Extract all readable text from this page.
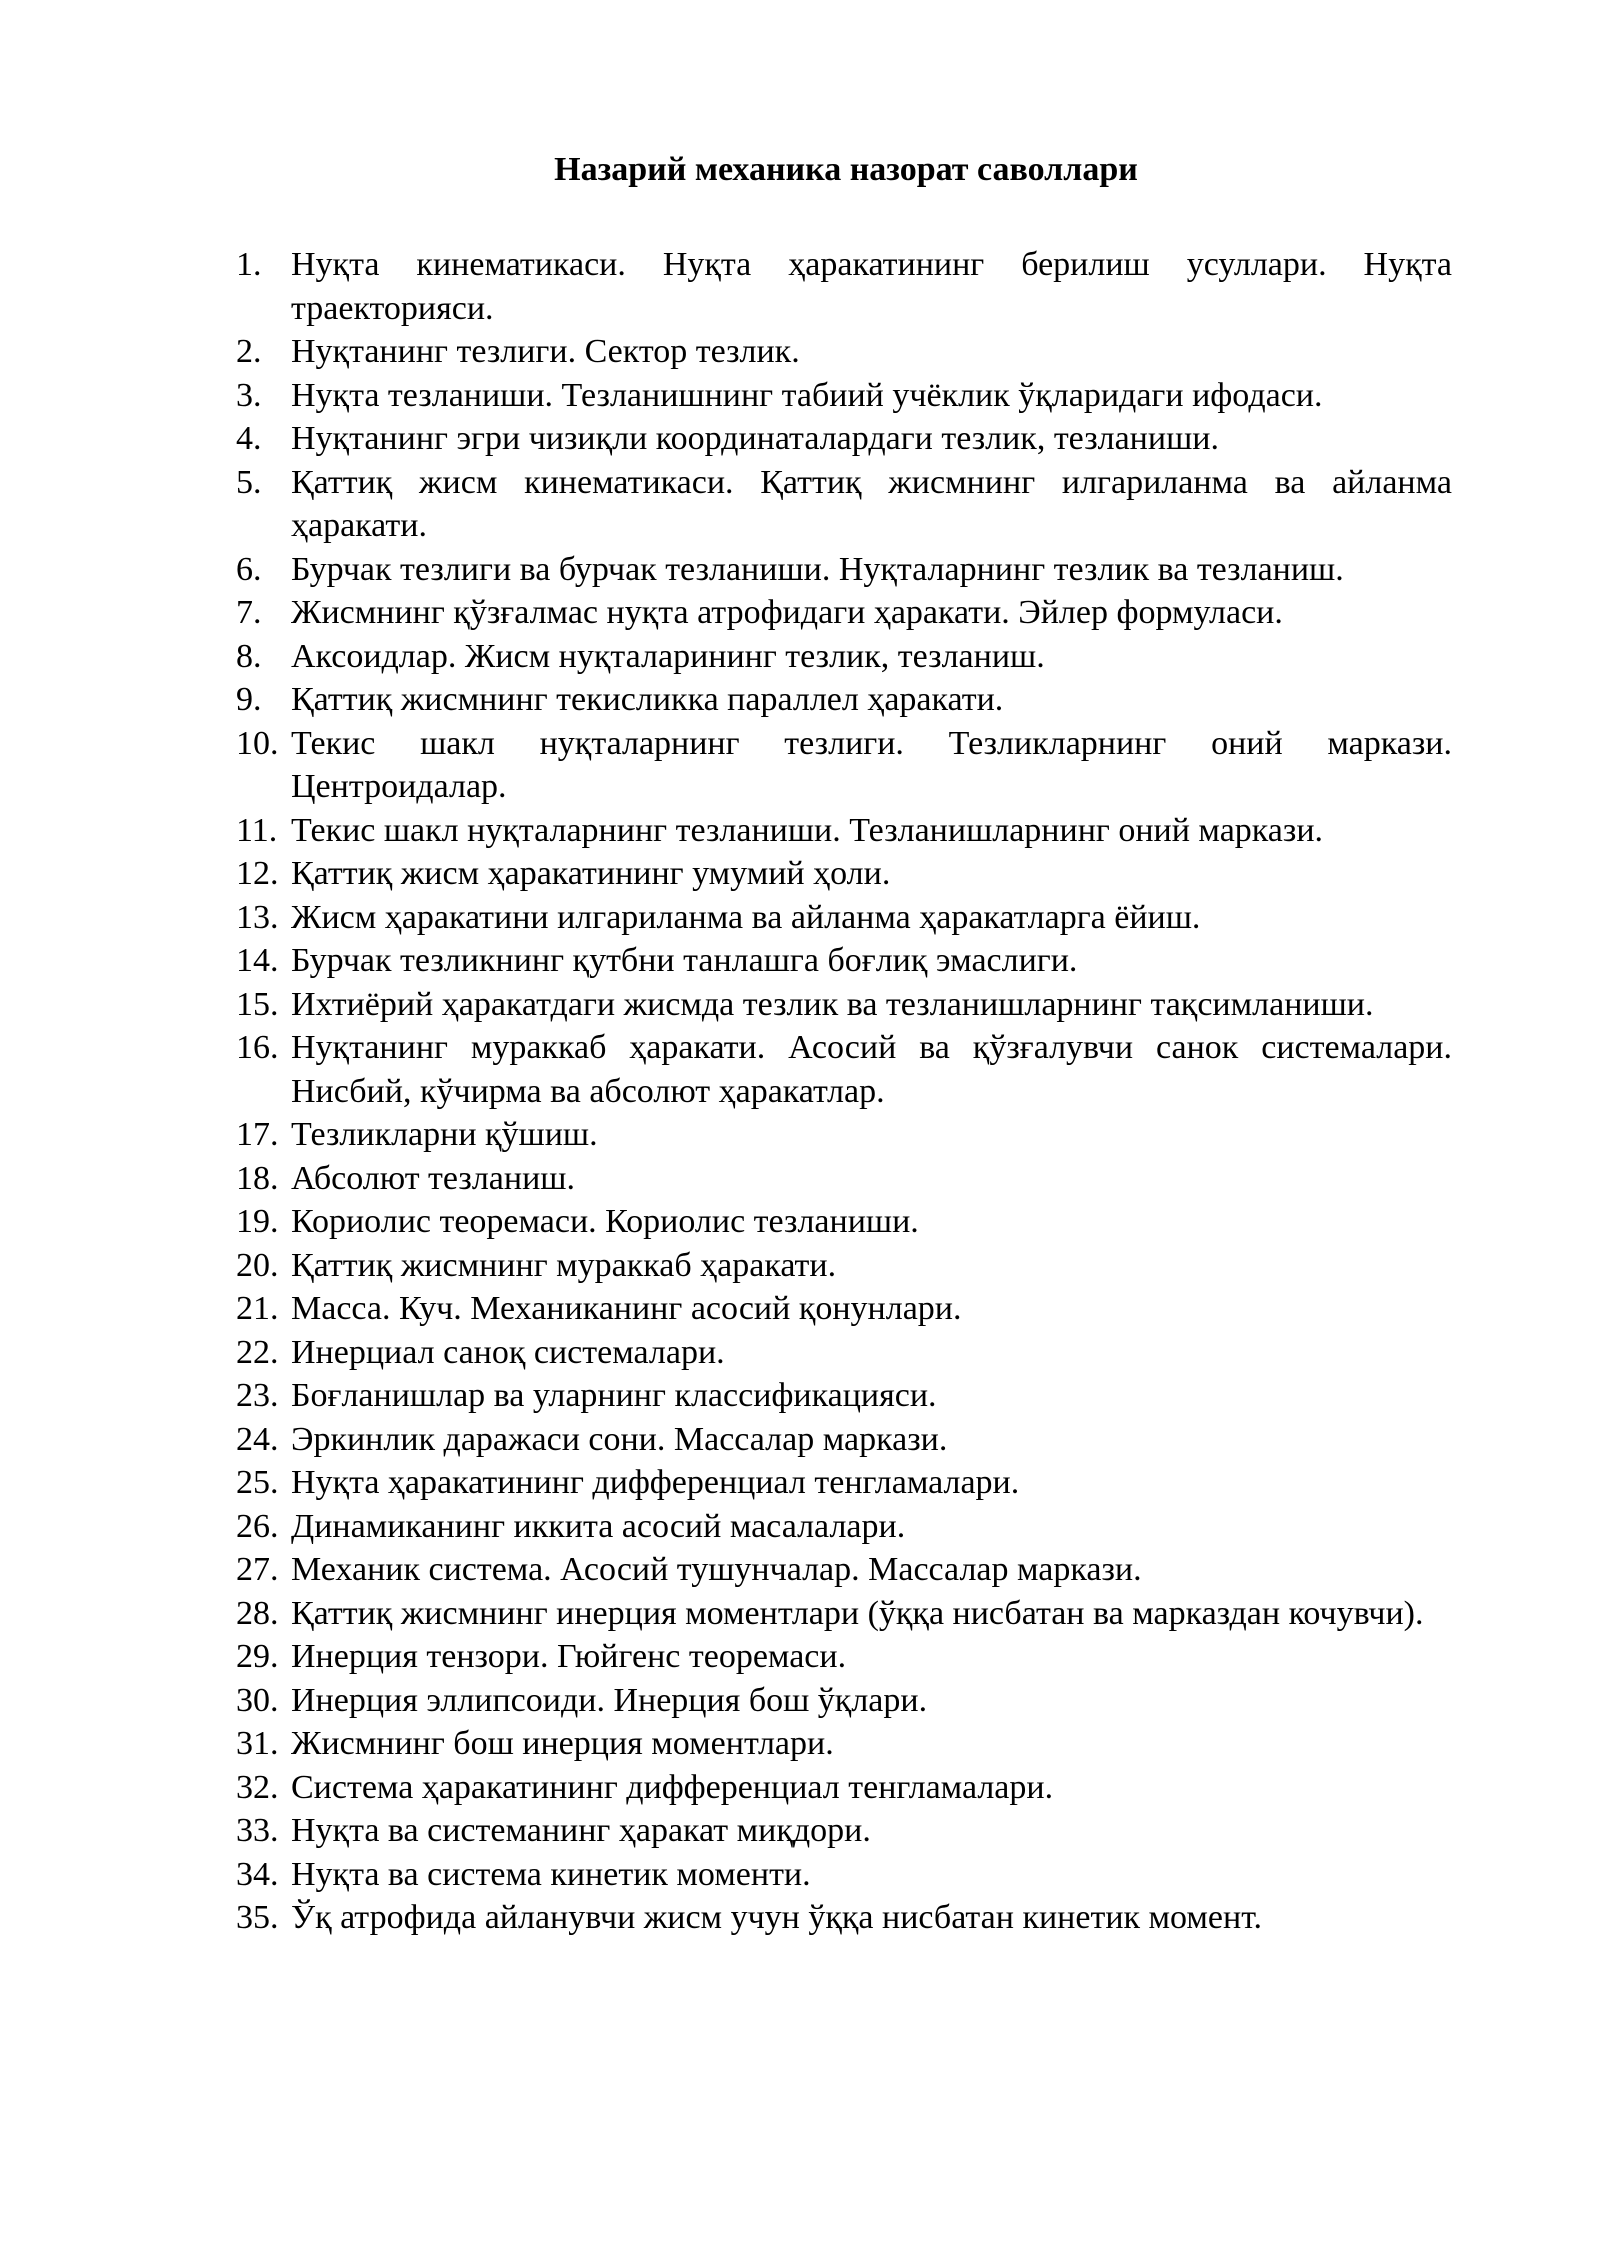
Назарий механика назорат саволлари
1. Нуқта кинематикаси. Нуқта ҳаракатининг берилиш усуллари. Нуқта траекторияси.
2. Нуқтанинг тезлиги. Сектор тезлик.
3. Нуқта тезланиши. Тезланишнинг табиий учёклик ўқларидаги ифодаси.
4. Нуқтанинг эгри чизиқли координаталардаги тезлик, тезланиши.
5. Қаттиқ жисм кинематикаси. Қаттиқ жисмнинг илгариланма ва айланма ҳаракати.
6. Бурчак тезлиги ва бурчак тезланиши. Нуқталарнинг тезлик ва тезланиш.
7. Жисмнинг қўзғалмас нуқта атрофидаги ҳаракати. Эйлер формуласи.
8. Аксоидлар. Жисм нуқталарининг тезлик, тезланиш.
9. Қаттиқ жисмнинг текисликка параллел ҳаракати.
10. Текис шакл нуқталарнинг тезлиги. Тезликларнинг оний маркази. Центроидалар.
11. Текис шакл нуқталарнинг тезланиши. Тезланишларнинг оний маркази.
12. Қаттиқ жисм ҳаракатининг умумий ҳоли.
13. Жисм ҳаракатини илгариланма ва айланма ҳаракатларга ёйиш.
14. Бурчак тезликнинг қутбни танлашга боғлиқ эмаслиги.
15. Ихтиёрий ҳаракатдаги жисмда тезлик ва тезланишларнинг тақсимланиши.
16. Нуқтанинг мураккаб ҳаракати. Асосий ва қўзғалувчи санок системалари. Нисбий, кўчирма ва абсолют ҳаракатлар.
17. Тезликларни қўшиш.
18. Абсолют тезланиш.
19. Кориолис теоремаси. Кориолис тезланиши.
20. Қаттиқ жисмнинг мураккаб ҳаракати.
21. Масса. Куч. Механиканинг асосий қонунлари.
22. Инерциал саноқ системалари.
23. Боғланишлар ва уларнинг классификацияси.
24. Эркинлик даражаси сони. Массалар маркази.
25. Нуқта ҳаракатининг дифференциал тенгламалари.
26. Динамиканинг иккита асосий масалалари.
27. Механик система. Асосий тушунчалар. Массалар маркази.
28. Қаттиқ жисмнинг инерция моментлари (ўққа нисбатан ва марказдан кочувчи).
29. Инерция тензори. Гюйгенс теоремаси.
30. Инерция эллипсоиди. Инерция бош ўқлари.
31. Жисмнинг бош инерция моментлари.
32. Система ҳаракатининг дифференциал тенгламалари.
33. Нуқта ва системанинг ҳаракат миқдори.
34. Нуқта ва система кинетик моменти.
35. Ўқ атрофида айланувчи жисм учун ўққа нисбатан кинетик момент.
